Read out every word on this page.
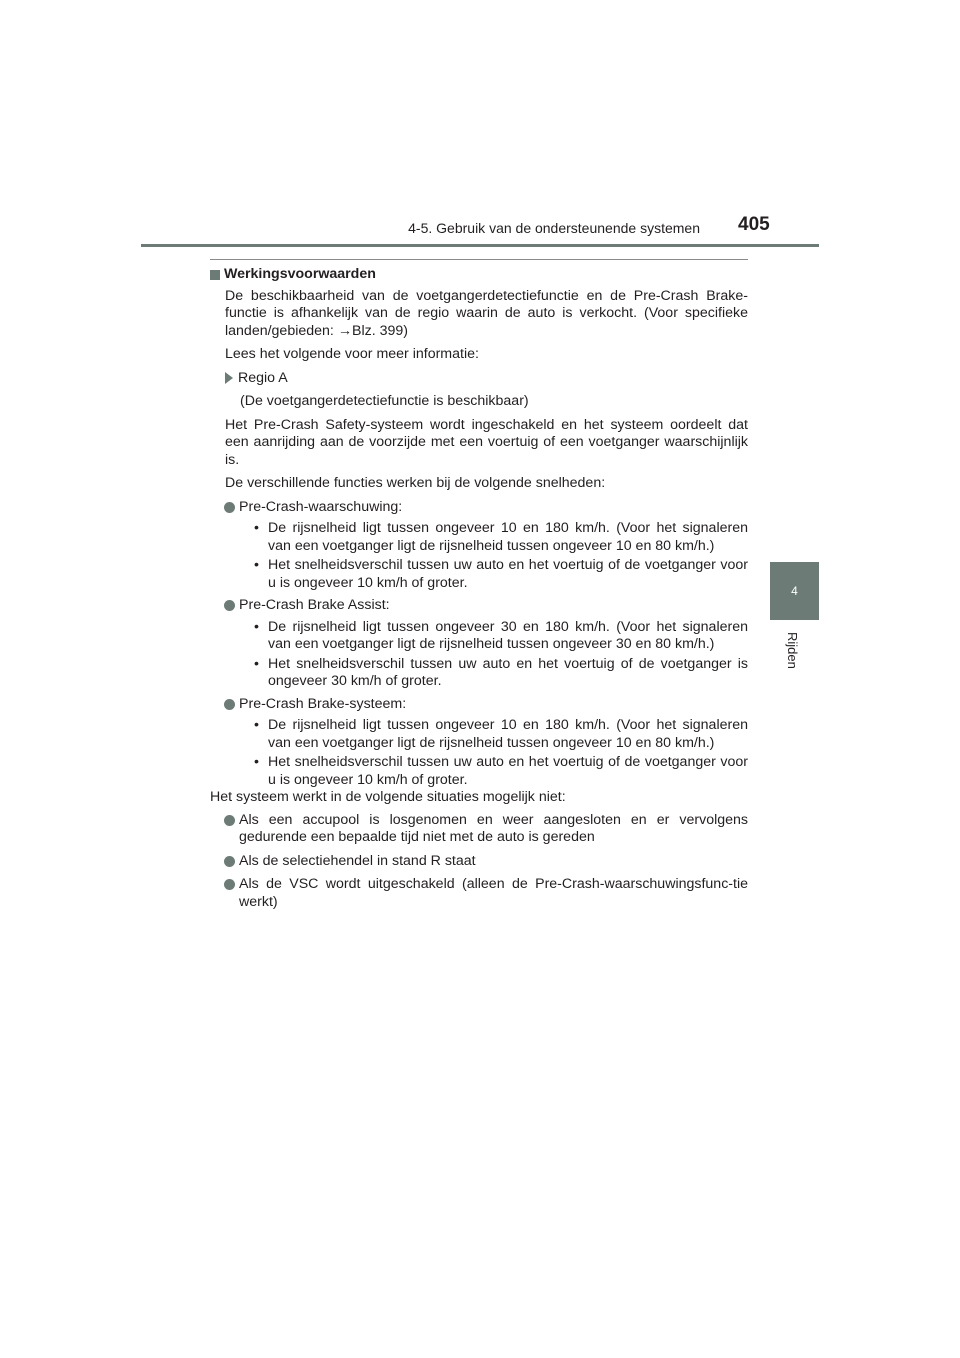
4-5. Gebruik van de ondersteunende systemen 405
4
Rijden
Werkingsvoorwaarden
De beschikbaarheid van de voetgangerdetectiefunctie en de Pre-Crash Brake-functie is afhankelijk van de regio waarin de auto is verkocht. (Voor specifieke landen/gebieden: →Blz. 399)
Lees het volgende voor meer informatie:
Regio A
(De voetgangerdetectiefunctie is beschikbaar)
Het Pre-Crash Safety-systeem wordt ingeschakeld en het systeem oordeelt dat een aanrijding aan de voorzijde met een voertuig of een voetganger waarschijnlijk is.
De verschillende functies werken bij de volgende snelheden:
Pre-Crash-waarschuwing:
• De rijsnelheid ligt tussen ongeveer 10 en 180 km/h. (Voor het signaleren van een voetganger ligt de rijsnelheid tussen ongeveer 10 en 80 km/h.)
• Het snelheidsverschil tussen uw auto en het voertuig of de voetganger voor u is ongeveer 10 km/h of groter.
Pre-Crash Brake Assist:
• De rijsnelheid ligt tussen ongeveer 30 en 180 km/h. (Voor het signaleren van een voetganger ligt de rijsnelheid tussen ongeveer 30 en 80 km/h.)
• Het snelheidsverschil tussen uw auto en het voertuig of de voetganger is ongeveer 30 km/h of groter.
Pre-Crash Brake-systeem:
• De rijsnelheid ligt tussen ongeveer 10 en 180 km/h. (Voor het signaleren van een voetganger ligt de rijsnelheid tussen ongeveer 10 en 80 km/h.)
• Het snelheidsverschil tussen uw auto en het voertuig of de voetganger voor u is ongeveer 10 km/h of groter.
Het systeem werkt in de volgende situaties mogelijk niet:
Als een accupool is losgenomen en weer aangesloten en er vervolgens gedurende een bepaalde tijd niet met de auto is gereden
Als de selectiehendel in stand R staat
Als de VSC wordt uitgeschakeld (alleen de Pre-Crash-waarschuwingsfunc-tie werkt)
